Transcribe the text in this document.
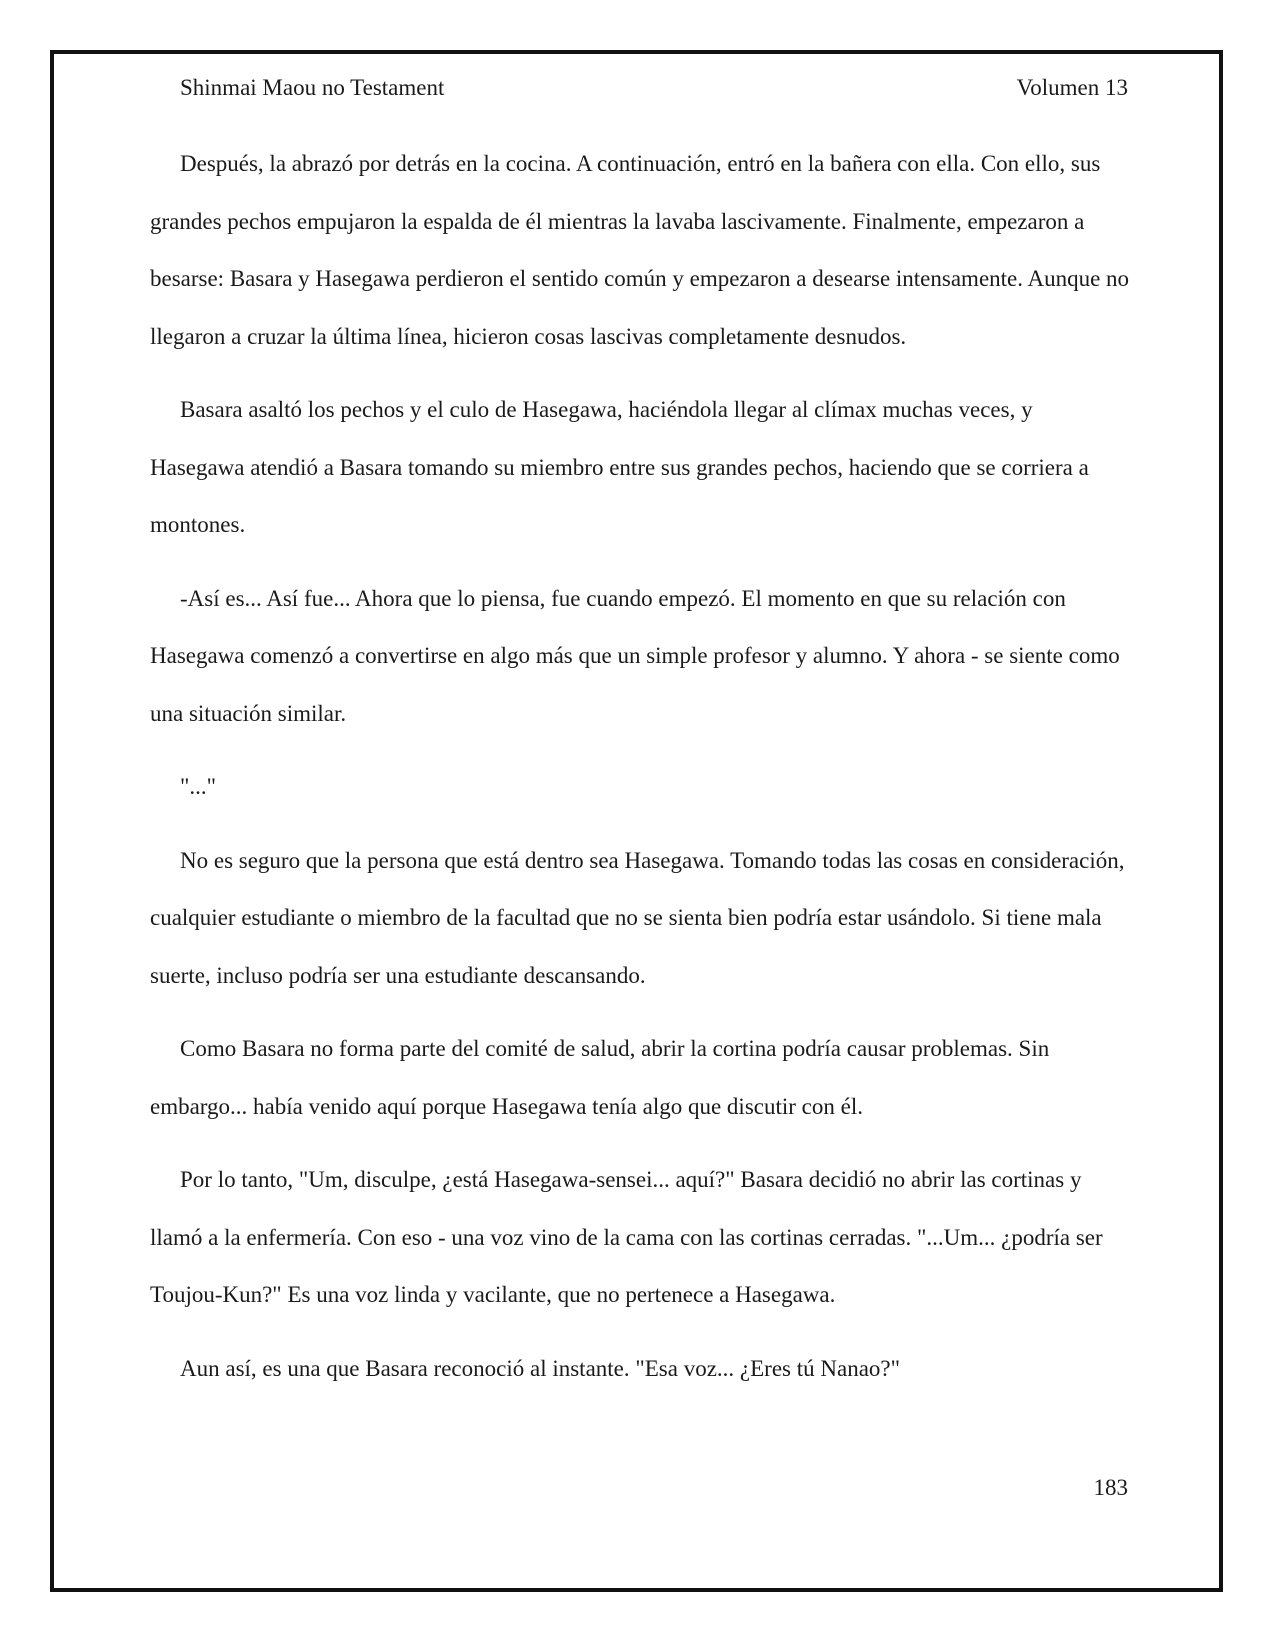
Shinmai Maou no Testament	Volumen 13

Después, la abrazó por detrás en la cocina. A continuación, entró en la bañera con ella. Con ello, sus grandes pechos empujaron la espalda de él mientras la lavaba lascivamente. Finalmente, empezaron a besarse: Basara y Hasegawa perdieron el sentido común y empezaron a desearse intensamente. Aunque no llegaron a cruzar la última línea, hicieron cosas lascivas completamente desnudos.

Basara asaltó los pechos y el culo de Hasegawa, haciéndola llegar al clímax muchas veces, y Hasegawa atendió a Basara tomando su miembro entre sus grandes pechos, haciendo que se corriera a montones.

-Así es... Así fue... Ahora que lo piensa, fue cuando empezó. El momento en que su relación con Hasegawa comenzó a convertirse en algo más que un simple profesor y alumno. Y ahora - se siente como una situación similar.

"..."

No es seguro que la persona que está dentro sea Hasegawa. Tomando todas las cosas en consideración, cualquier estudiante o miembro de la facultad que no se sienta bien podría estar usándolo. Si tiene mala suerte, incluso podría ser una estudiante descansando.

Como Basara no forma parte del comité de salud, abrir la cortina podría causar problemas. Sin embargo... había venido aquí porque Hasegawa tenía algo que discutir con él.

Por lo tanto, "Um, disculpe, ¿está Hasegawa-sensei... aquí?" Basara decidió no abrir las cortinas y llamó a la enfermería. Con eso - una voz vino de la cama con las cortinas cerradas. "...Um... ¿podría ser Toujou-Kun?" Es una voz linda y vacilante, que no pertenece a Hasegawa.

Aun así, es una que Basara reconoció al instante. "Esa voz... ¿Eres tú Nanao?"

183
